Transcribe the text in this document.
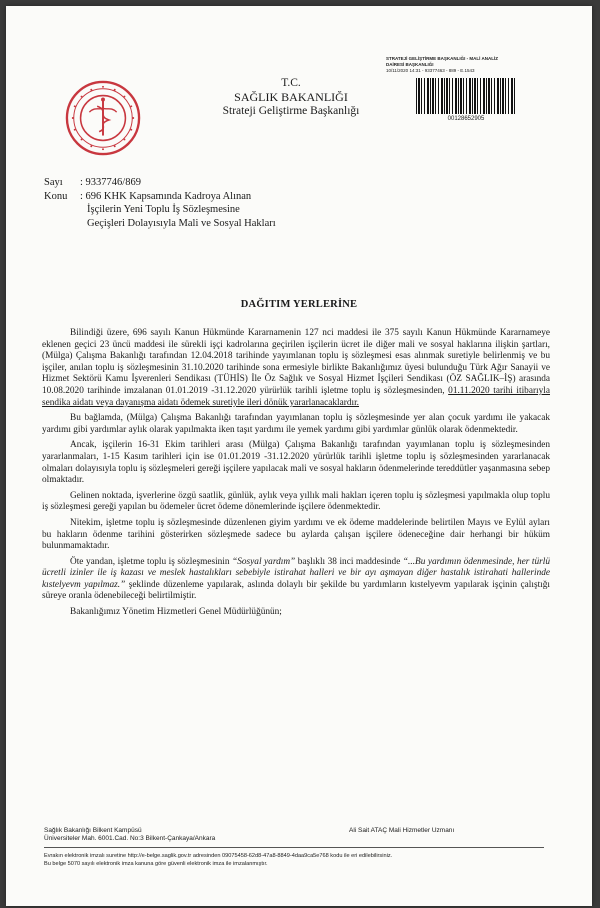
T.C.
SAĞLIK BAKANLIĞI
Strateji Geliştirme Başkanlığı
STRATEJİ GELİŞTİRME BAŞKANLIĞI - MALİ ANALİZ
DAİRESİ BAŞKANLIĞI
10/11/2020 14:31 - 93377463 - 889 - E.1543
00128652905
Sayı	: 9337746/869
Konu	: 696 KHK Kapsamında Kadroya Alınan
İşçilerin Yeni Toplu İş Sözleşmesine
Geçişleri Dolayısıyla Mali ve Sosyal Hakları
DAĞITIM YERLERİNE

Bilindiği üzere, 696 sayılı Kanun Hükmünde Kararnamenin 127 nci maddesi ile 375 sayılı Kanun Hükmünde Kararnameye eklenen geçici 23 üncü maddesi ile sürekli işçi kadrolarına geçirilen işçilerin ücret ile diğer mali ve sosyal haklarına ilişkin şartları, (Mülga) Çalışma Bakanlığı tarafından 12.04.2018 tarihinde yayımlanan toplu iş sözleşmesi esas alınmak suretiyle belirlenmiş ve bu işçiler, anılan toplu iş sözleşmesinin 31.10.2020 tarihinde sona ermesiyle birlikte Bakanlığımız üyesi bulunduğu Türk Ağır Sanayii ve Hizmet Sektörü Kamu İşverenleri Sendikası (TÜHİS) İle Öz Sağlık ve Sosyal Hizmet İşçileri Sendikası (ÖZ SAĞLIK–İŞ) arasında 10.08.2020 tarihinde imzalanan 01.01.2019 -31.12.2020 yürürlük tarihli işletme toplu iş sözleşmesinden, 01.11.2020 tarihi itibarıyla sendika aidatı veya dayanışma aidatı ödemek suretiyle ileri dönük yararlanacaklardır.

Bu bağlamda, (Mülga) Çalışma Bakanlığı tarafından yayımlanan toplu iş sözleşmesinde yer alan çocuk yardımı ile yakacak yardımı gibi yardımlar aylık olarak yapılmakta iken taşıt yardımı ile yemek yardımı gibi yardımlar günlük olarak ödenmektedir.

Ancak, işçilerin 16-31 Ekim tarihleri arası (Mülga) Çalışma Bakanlığı tarafından yayımlanan toplu iş sözleşmesinden yararlanmaları, 1-15 Kasım tarihleri için ise 01.01.2019 -31.12.2020 yürürlük tarihli işletme toplu iş sözleşmesinden yararlanacak olmaları dolayısıyla toplu iş sözleşmeleri gereği işçilere yapılacak mali ve sosyal hakların ödenmelerinde tereddütler yaşanmasına sebep olmaktadır.

Gelinen noktada, işverlerine özgü saatlik, günlük, aylık veya yıllık mali hakları içeren toplu iş sözleşmesi yapılmakla olup toplu iş sözleşmesi gereği yapılan bu ödemeler ücret ödeme dönemlerinde işçilere ödenmektedir.

Nitekim, işletme toplu iş sözleşmesinde düzenlenen giyim yardımı ve ek ödeme maddelerinde belirtilen Mayıs ve Eylül ayları bu hakların ödenme tarihini gösterirken sözleşmede sadece bu aylarda çalışan işçilere ödeneceğine dair herhangi bir hüküm bulunmamaktadır.

Öte yandan, işletme toplu iş sözleşmesinin “Sosyal yardım” başlıklı 38 inci maddesinde “...Bu yardımın ödenmesinde, her türlü ücretli izinler ile iş kazası ve meslek hastalıkları sebebiyle istirahat halleri ve bir ayı aşmayan diğer hastalık istirahati hallerinde kıstelyevm yapılmaz.” şeklinde düzenleme yapılarak, aslında dolaylı bir şekilde bu yardımların kıstelyevm yapılarak işçinin çalıştığı süreye oranla ödenebileceği belirtilmiştir.

Bakanlığımız Yönetim Hizmetleri Genel Müdürlüğünün;

Sağlık Bakanlığı Bilkent Kampüsü
Üniversiteler Mah. 6001.Cad. No:3 Bilkent-Çankaya/Ankara
Ali Sait ATAÇ Mali Hizmetler Uzmanı
Evrakın elektronik imzalı suretine http://e-belge.saglik.gov.tr adresinden 09075458-62d8-47a8-8849-4daa9ca5e768 kodu ile eri edilebilirsiniz.
Bu belge 5070 sayılı elektronik imza kanuna göre güvenli elektronik imza ile imzalanmıştır.
